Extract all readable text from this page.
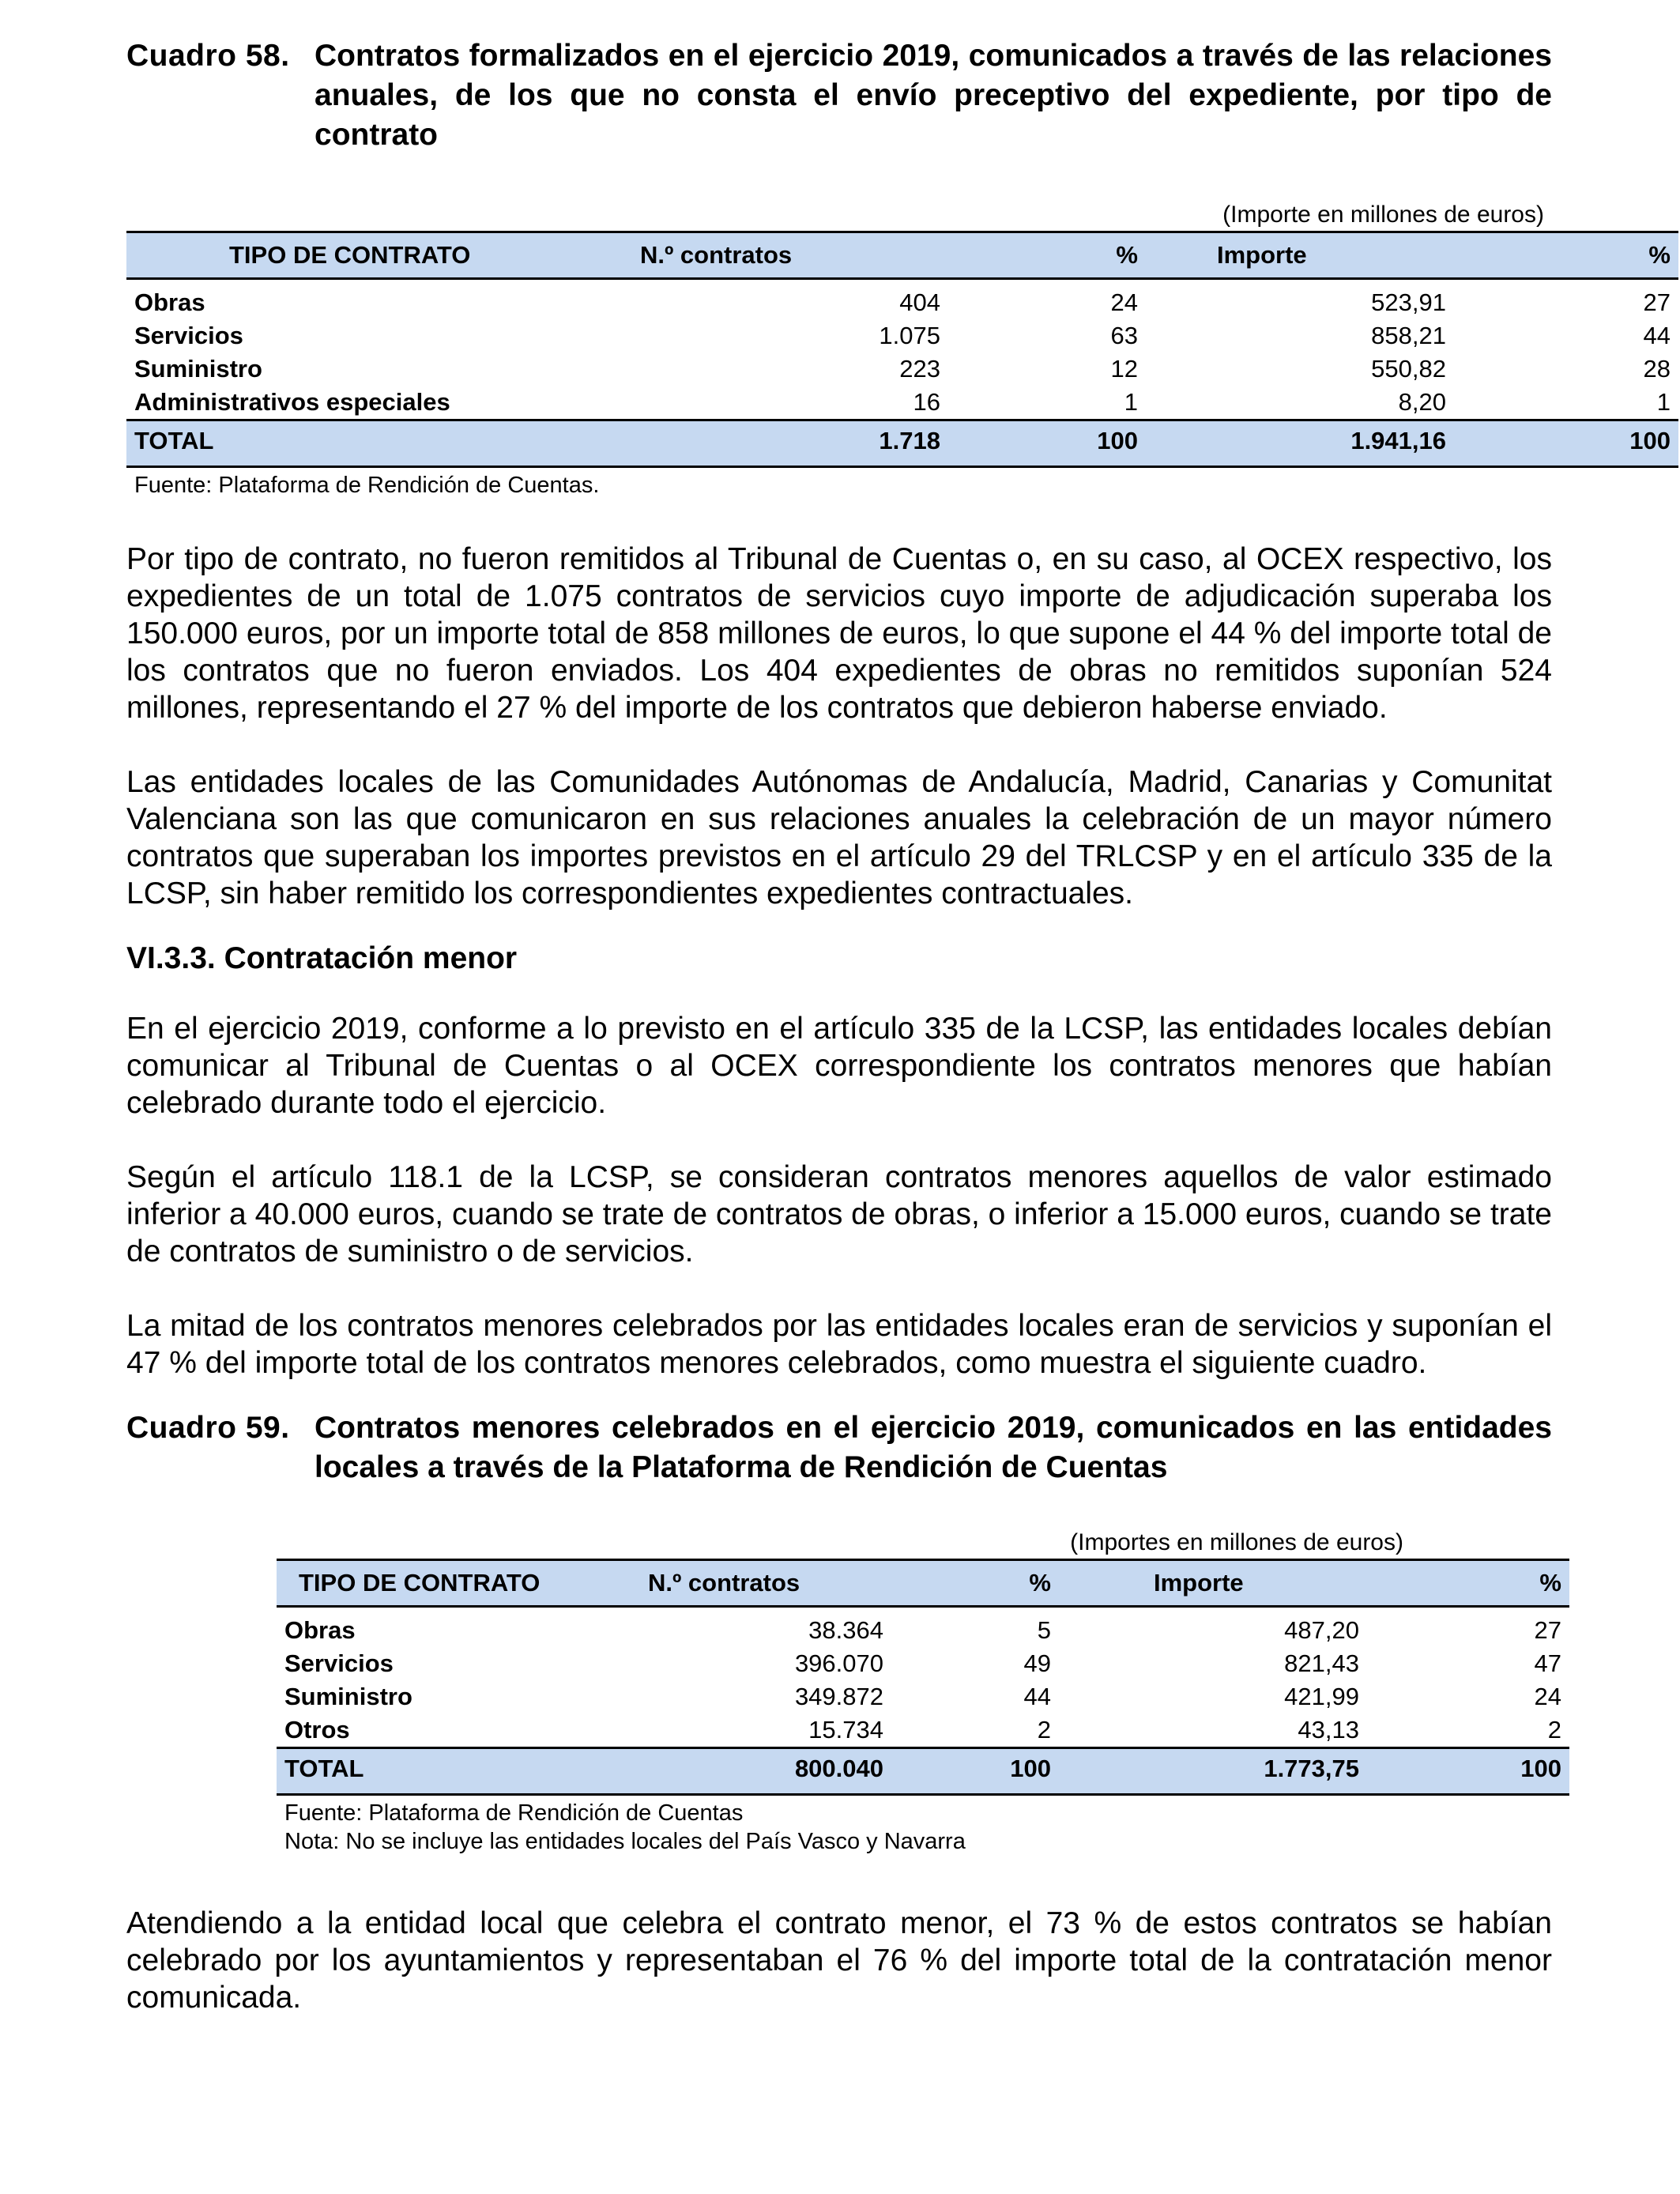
Cuadro 58. Contratos formalizados en el ejercicio 2019, comunicados a través de las relaciones anuales, de los que no consta el envío preceptivo del expediente, por tipo de contrato
(Importe en millones de euros)
TIPO DE CONTRATO	N.º contratos	%	Importe	%
Obras	404	24	523,91	27
Servicios	1.075	63	858,21	44
Suministro	223	12	550,82	28
Administrativos especiales	16	1	8,20	1
TOTAL	1.718	100	1.941,16	100
Fuente: Plataforma de Rendición de Cuentas.

Por tipo de contrato, no fueron remitidos al Tribunal de Cuentas o, en su caso, al OCEX respectivo, los expedientes de un total de 1.075 contratos de servicios cuyo importe de adjudicación superaba los 150.000 euros, por un importe total de 858 millones de euros, lo que supone el 44 % del importe total de los contratos que no fueron enviados. Los 404 expedientes de obras no remitidos suponían 524 millones, representando el 27 % del importe de los contratos que debieron haberse enviado.

Las entidades locales de las Comunidades Autónomas de Andalucía, Madrid, Canarias y Comunitat Valenciana son las que comunicaron en sus relaciones anuales la celebración de un mayor número contratos que superaban los importes previstos en el artículo 29 del TRLCSP y en el artículo 335 de la LCSP, sin haber remitido los correspondientes expedientes contractuales.

VI.3.3. Contratación menor

En el ejercicio 2019, conforme a lo previsto en el artículo 335 de la LCSP, las entidades locales debían comunicar al Tribunal de Cuentas o al OCEX correspondiente los contratos menores que habían celebrado durante todo el ejercicio.

Según el artículo 118.1 de la LCSP, se consideran contratos menores aquellos de valor estimado inferior a 40.000 euros, cuando se trate de contratos de obras, o inferior a 15.000 euros, cuando se trate de contratos de suministro o de servicios.

La mitad de los contratos menores celebrados por las entidades locales eran de servicios y suponían el 47 % del importe total de los contratos menores celebrados, como muestra el siguiente cuadro.

Cuadro 59. Contratos menores celebrados en el ejercicio 2019, comunicados en las entidades locales a través de la Plataforma de Rendición de Cuentas
(Importes en millones de euros)
TIPO DE CONTRATO	N.º contratos	%	Importe	%
Obras	38.364	5	487,20	27
Servicios	396.070	49	821,43	47
Suministro	349.872	44	421,99	24
Otros	15.734	2	43,13	2
TOTAL	800.040	100	1.773,75	100
Fuente: Plataforma de Rendición de Cuentas
Nota: No se incluye las entidades locales del País Vasco y Navarra

Atendiendo a la entidad local que celebra el contrato menor, el 73 % de estos contratos se habían celebrado por los ayuntamientos y representaban el 76 % del importe total de la contratación menor comunicada.
